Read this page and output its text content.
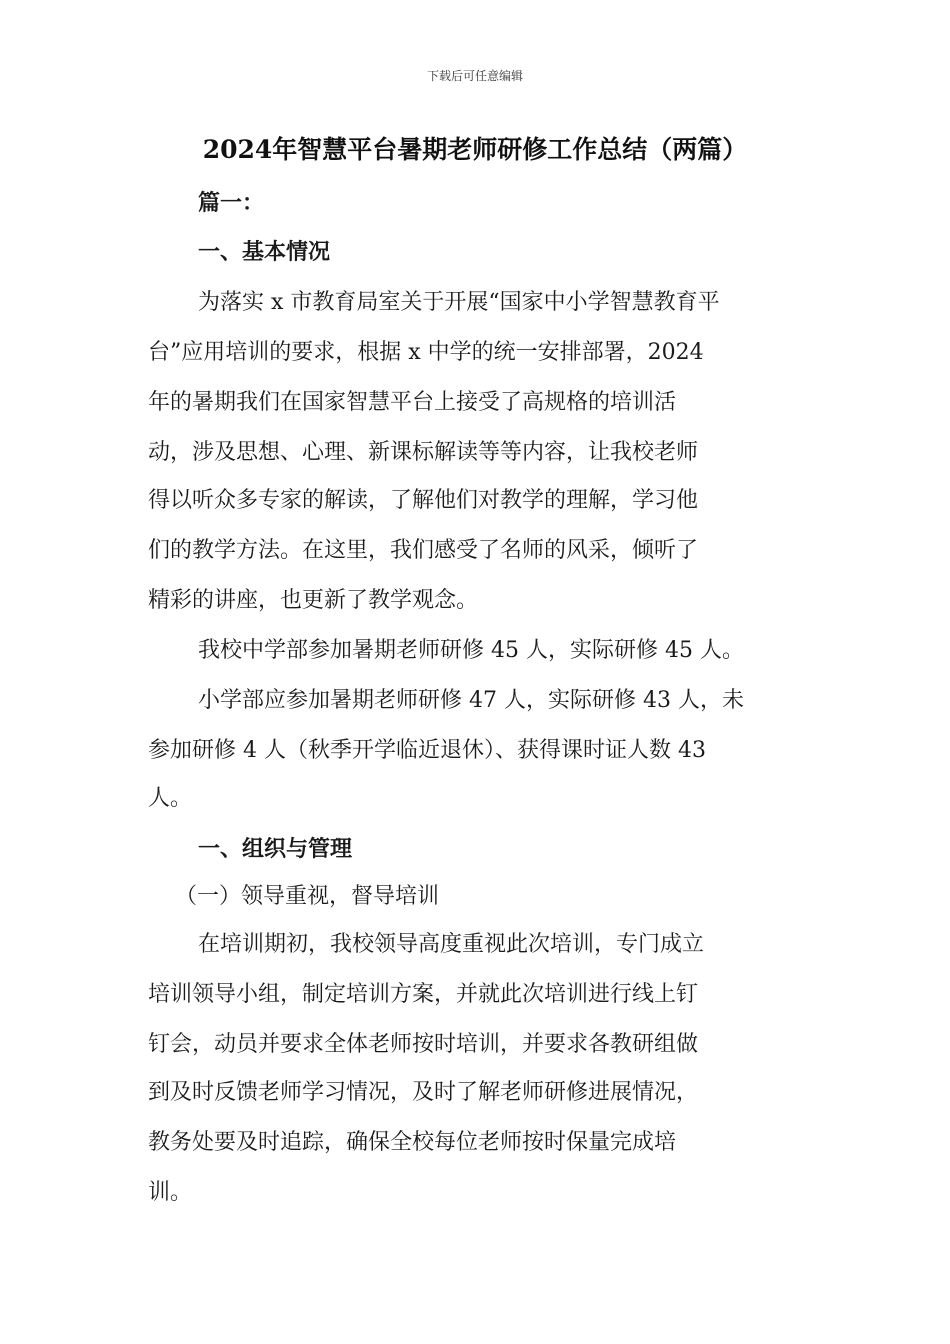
下载后可任意编辑
2024年智慧平台暑期老师研修工作总结（两篇）
篇一：
一、基本情况
为落实 x 市教育局室关于开展“国家中小学智慧教育平
台”应用培训的要求，根据 x 中学的统一安排部署，2024
年的暑期我们在国家智慧平台上接受了高规格的培训活
动，涉及思想、心理、新课标解读等等内容，让我校老师
得以听众多专家的解读，了解他们对教学的理解，学习他
们的教学方法。在这里，我们感受了名师的风采，倾听了
精彩的讲座，也更新了教学观念。
我校中学部参加暑期老师研修 45 人，实际研修 45 人。
小学部应参加暑期老师研修 47 人，实际研修 43 人，未
参加研修 4 人（秋季开学临近退休）、获得课时证人数 43
人。
一、组织与管理
（一）领导重视，督导培训
在培训期初，我校领导高度重视此次培训，专门成立
培训领导小组，制定培训方案，并就此次培训进行线上钉
钉会，动员并要求全体老师按时培训，并要求各教研组做
到及时反馈老师学习情况，及时了解老师研修进展情况，
教务处要及时追踪，确保全校每位老师按时保量完成培
训。
